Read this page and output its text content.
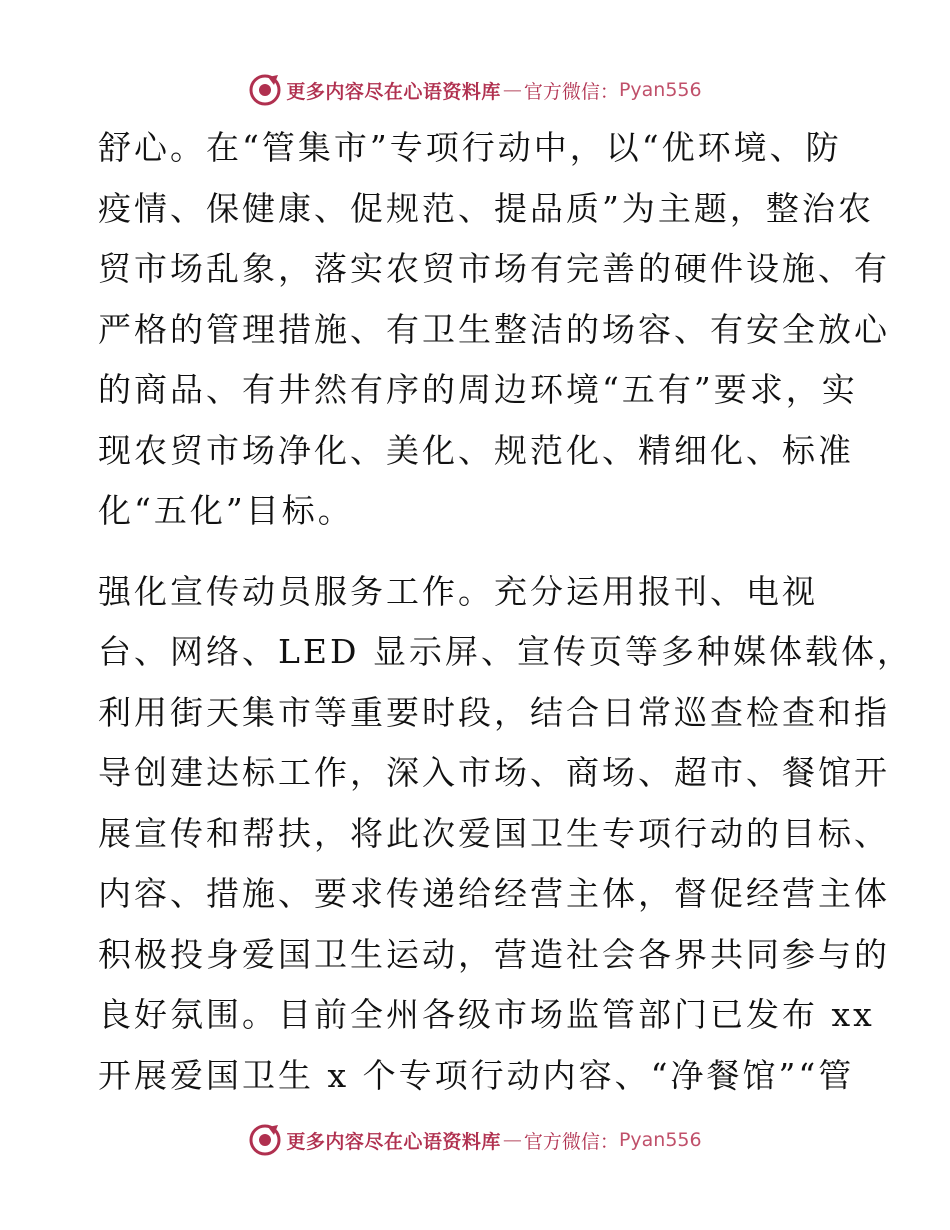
更多内容尽在心语资料库 — 官方微信： Pyan556
舒心。在“管集市”专项行动中，以“优环境、防
疫情、保健康、促规范、提品质”为主题，整治农
贸市场乱象，落实农贸市场有完善的硬件设施、有
严格的管理措施、有卫生整洁的场容、有安全放心
的商品、有井然有序的周边环境“五有”要求，实
现农贸市场净化、美化、规范化、精细化、标准
化“五化”目标。
强化宣传动员服务工作。充分运用报刊、电视
台、网络、LED 显示屏、宣传页等多种媒体载体，
利用街天集市等重要时段，结合日常巡查检查和指
导创建达标工作，深入市场、商场、超市、餐馆开
展宣传和帮扶，将此次爱国卫生专项行动的目标、
内容、措施、要求传递给经营主体，督促经营主体
积极投身爱国卫生运动，营造社会各界共同参与的
良好氛围。目前全州各级市场监管部门已发布 xx
开展爱国卫生 x 个专项行动内容、“净餐馆”“管
更多内容尽在心语资料库 — 官方微信： Pyan556
